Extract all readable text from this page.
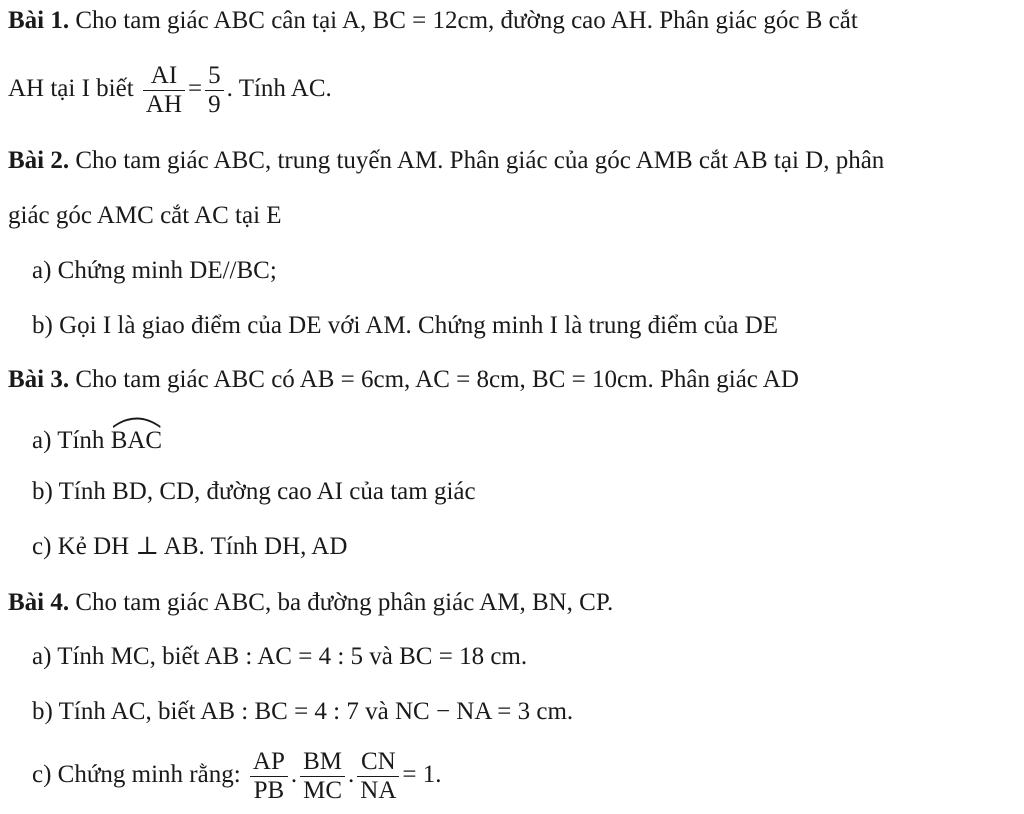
Bài 1. Cho tam giác ABC cân tại A, BC = 12cm, đường cao AH. Phân giác góc B cắt
AH tại I biết $\frac{AI}{AH} = \frac{5}{9}$ . Tính AC.
Bài 2. Cho tam giác ABC, trung tuyến AM. Phân giác của góc AMB cắt AB tại D, phân
giác góc AMC cắt AC tại E
a) Chứng minh DE//BC;
b) Gọi I là giao điểm của DE với AM. Chứng minh I là trung điểm của DE
Bài 3. Cho tam giác ABC có AB = 6cm, AC = 8cm, BC = 10cm. Phân giác AD
a) Tính
BAC
b) Tính BD, CD, đường cao AI của tam giác
c) Kẻ DH ⊥ AB. Tính DH, AD
Bài 4. Cho tam giác ABC, ba đường phân giác AM, BN, CP.
a) Tính MC, biết AB : AC = 4 : 5 và BC = 18 cm.
b) Tính AC, biết AB : BC = 4 : 7 và NC − NA = 3 cm.
c) Chứng minh rằng: $\frac{AP}{PB}$ . $\frac{BM}{MC}$ . $\frac{CN}{NA} = 1$.
